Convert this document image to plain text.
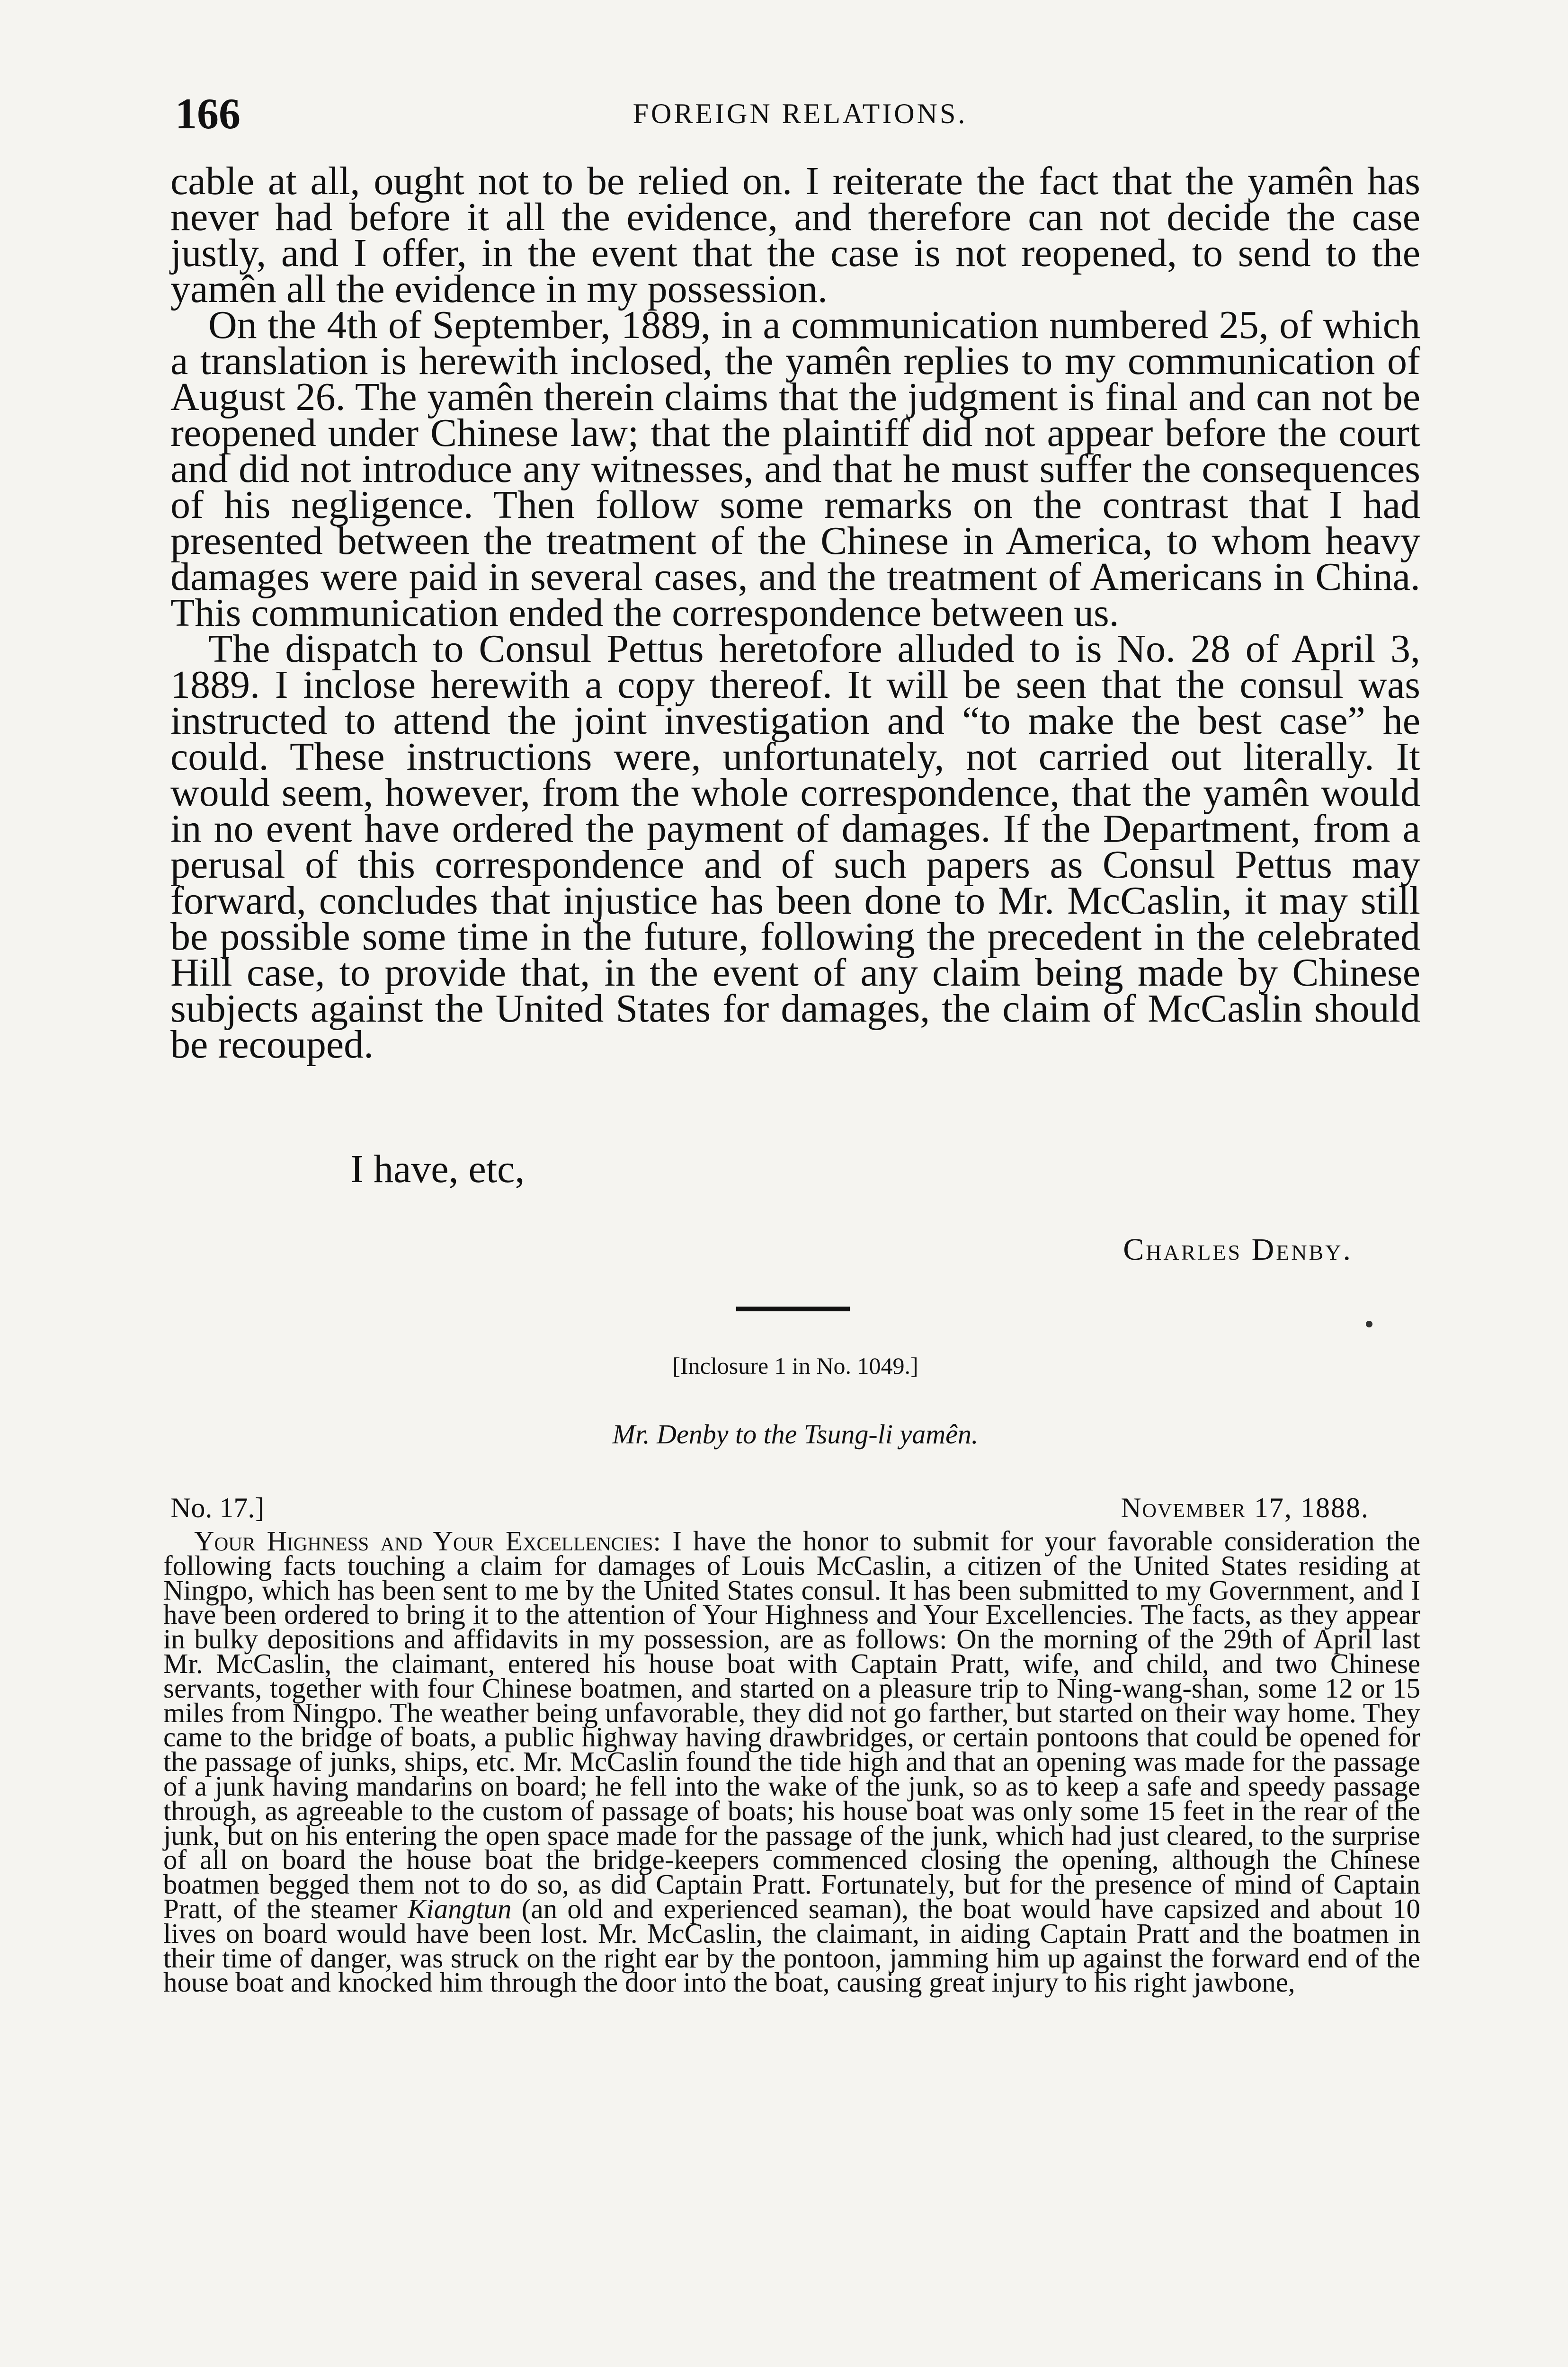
166	FOREIGN RELATIONS.

cable at all, ought not to be relied on. I reiterate the fact that the yamên has never had before it all the evidence, and therefore can not decide the case justly, and I offer, in the event that the case is not reopened, to send to the yamên all the evidence in my possession.

On the 4th of September, 1889, in a communication numbered 25, of which a translation is herewith inclosed, the yamên replies to my communication of August 26. The yamên therein claims that the judgment is final and can not be reopened under Chinese law; that the plaintiff did not appear before the court and did not introduce any witnesses, and that he must suffer the consequences of his negligence. Then follow some remarks on the contrast that I had presented between the treatment of the Chinese in America, to whom heavy damages were paid in several cases, and the treatment of Americans in China. This communication ended the correspondence between us.

The dispatch to Consul Pettus heretofore alluded to is No. 28 of April 3, 1889. I inclose herewith a copy thereof. It will be seen that the consul was instructed to attend the joint investigation and “to make the best case” he could. These instructions were, unfortunately, not carried out literally. It would seem, however, from the whole correspondence, that the yamên would in no event have ordered the payment of damages. If the Department, from a perusal of this correspondence and of such papers as Consul Pettus may forward, concludes that injustice has been done to Mr. McCaslin, it may still be possible some time in the future, following the precedent in the celebrated Hill case, to provide that, in the event of any claim being made by Chinese subjects against the United States for damages, the claim of McCaslin should be recouped.

I have, etc,
Charles Denby.
[Inclosure 1 in No. 1049.]
Mr. Denby to the Tsung-li yamên.
No. 17.]	November 17, 1888.

Your Highness and Your Excellencies: I have the honor to submit for your favorable consideration the following facts touching a claim for damages of Louis McCaslin, a citizen of the United States residing at Ningpo, which has been sent to me by the United States consul. It has been submitted to my Government, and I have been ordered to bring it to the attention of Your Highness and Your Excellencies. The facts, as they appear in bulky depositions and affidavits in my possession, are as follows: On the morning of the 29th of April last Mr. McCaslin, the claimant, entered his house boat with Captain Pratt, wife, and child, and two Chinese servants, together with four Chinese boatmen, and started on a pleasure trip to Ning-wang-shan, some 12 or 15 miles from Ningpo. The weather being unfavorable, they did not go farther, but started on their way home. They came to the bridge of boats, a public highway having drawbridges, or certain pontoons that could be opened for the passage of junks, ships, etc. Mr. McCaslin found the tide high and that an opening was made for the passage of a junk having mandarins on board; he fell into the wake of the junk, so as to keep a safe and speedy passage through, as agreeable to the custom of passage of boats; his house boat was only some 15 feet in the rear of the junk, but on his entering the open space made for the passage of the junk, which had just cleared, to the surprise of all on board the house boat the bridge-keepers commenced closing the opening, although the Chinese boatmen begged them not to do so, as did Captain Pratt. Fortunately, but for the presence of mind of Captain Pratt, of the steamer Kiangtun (an old and experienced seaman), the boat would have capsized and about 10 lives on board would have been lost. Mr. McCaslin, the claimant, in aiding Captain Pratt and the boatmen in their time of danger, was struck on the right ear by the pontoon, jamming him up against the forward end of the house boat and knocked him through the door into the boat, causing great injury to his right jawbone,
